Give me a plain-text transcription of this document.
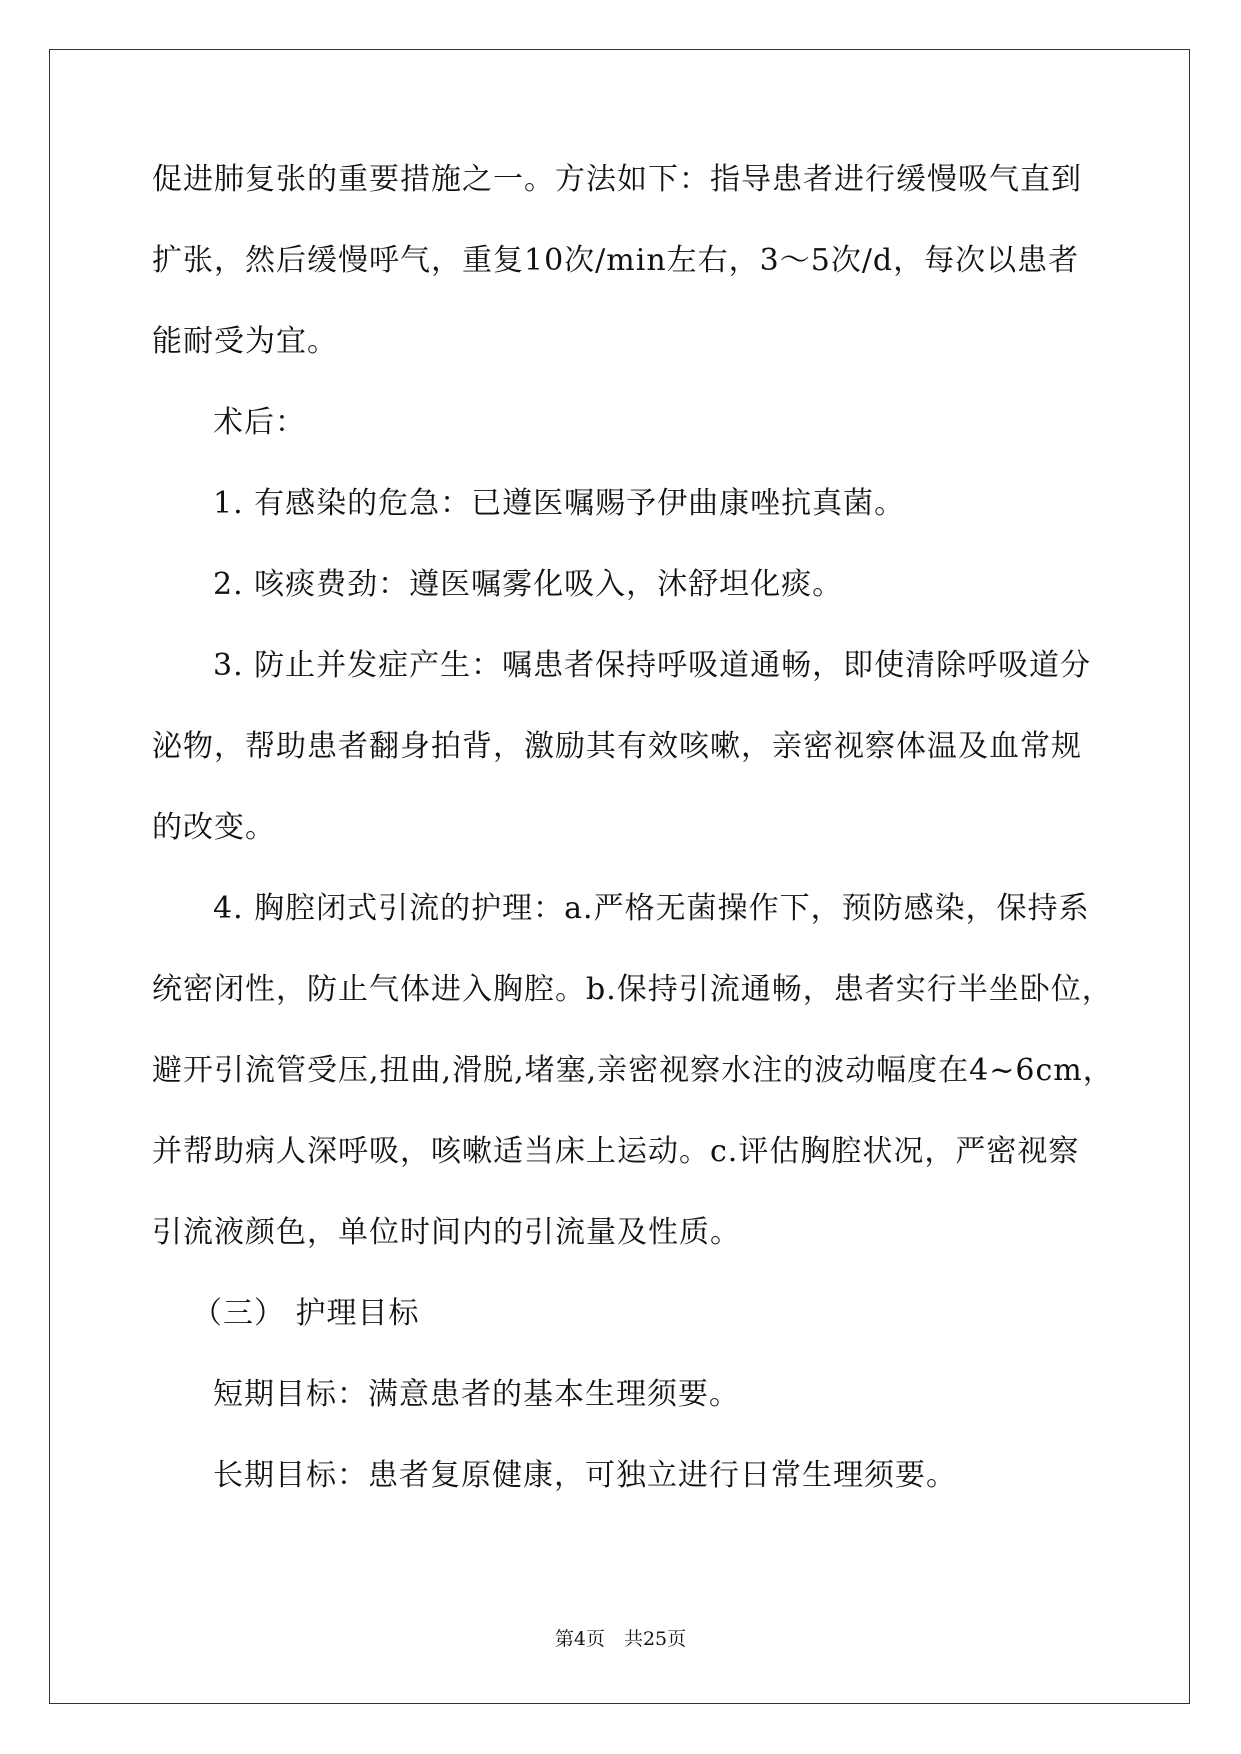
促进肺复张的重要措施之一。方法如下：指导患者进行缓慢吸气直到
扩张，然后缓慢呼气，重复10次/min左右，3～5次/d，每次以患者
能耐受为宜。
术后：
1. 有感染的危急：已遵医嘱赐予伊曲康唑抗真菌。
2. 咳痰费劲：遵医嘱雾化吸入，沐舒坦化痰。
3. 防止并发症产生：嘱患者保持呼吸道通畅，即使清除呼吸道分
泌物，帮助患者翻身拍背，激励其有效咳嗽，亲密视察体温及血常规
的改变。
4. 胸腔闭式引流的护理：a.严格无菌操作下，预防感染，保持系
统密闭性，防止气体进入胸腔。b.保持引流通畅，患者实行半坐卧位，
避开引流管受压,扭曲,滑脱,堵塞,亲密视察水注的波动幅度在4~6cm，
并帮助病人深呼吸，咳嗽适当床上运动。c.评估胸腔状况，严密视察
引流液颜色，单位时间内的引流量及性质。
（三） 护理目标
短期目标：满意患者的基本生理须要。
长期目标：患者复原健康，可独立进行日常生理须要。
第4页　共25页
